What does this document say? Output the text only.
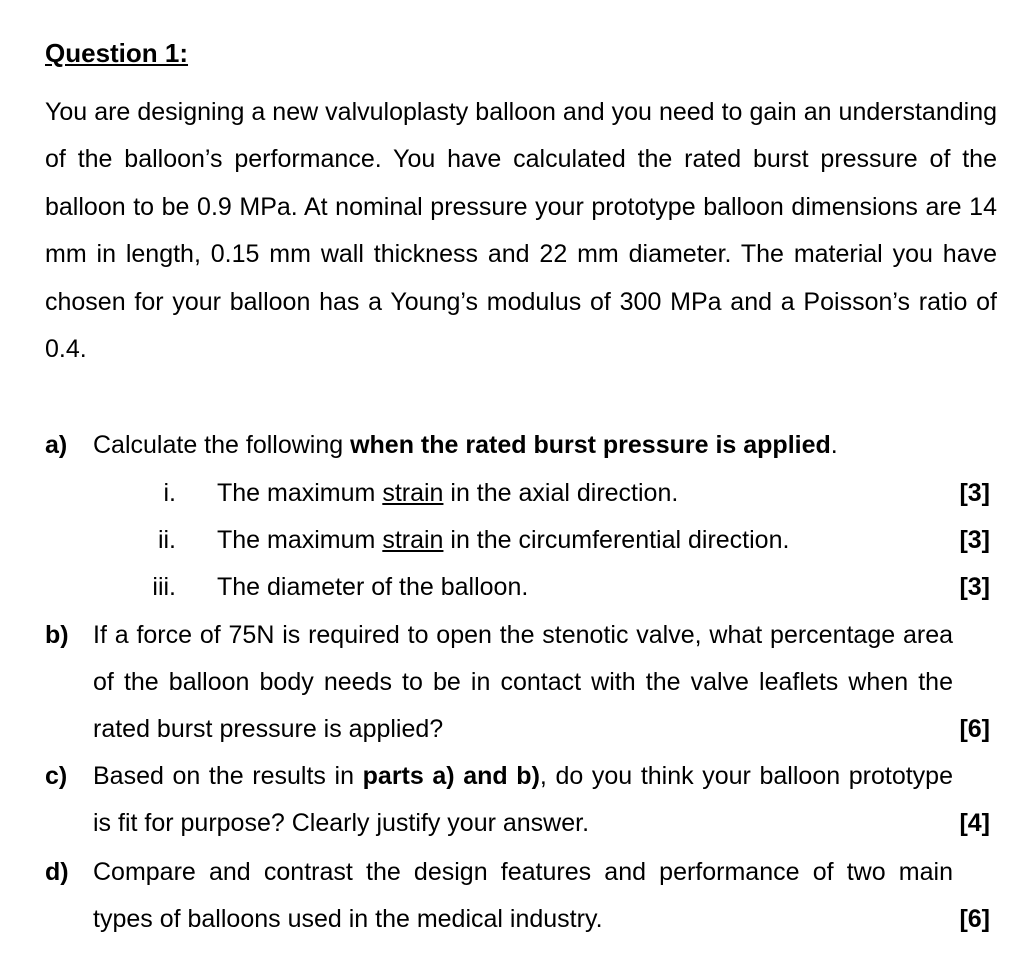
Question 1:

You are designing a new valvuloplasty balloon and you need to gain an understanding of the balloon’s performance. You have calculated the rated burst pressure of the balloon to be 0.9 MPa. At nominal pressure your prototype balloon dimensions are 14 mm in length, 0.15 mm wall thickness and 22 mm diameter. The material you have chosen for your balloon has a Young’s modulus of 300 MPa and a Poisson’s ratio of 0.4.

a) Calculate the following when the rated burst pressure is applied.
i. The maximum strain in the axial direction.	[3]
ii. The maximum strain in the circumferential direction.	[3]
iii. The diameter of the balloon.	[3]
b) If a force of 75N is required to open the stenotic valve, what percentage area of the balloon body needs to be in contact with the valve leaflets when the rated burst pressure is applied?	[6]
c) Based on the results in parts a) and b), do you think your balloon prototype is fit for purpose? Clearly justify your answer.	[4]
d) Compare and contrast the design features and performance of two main types of balloons used in the medical industry.	[6]
